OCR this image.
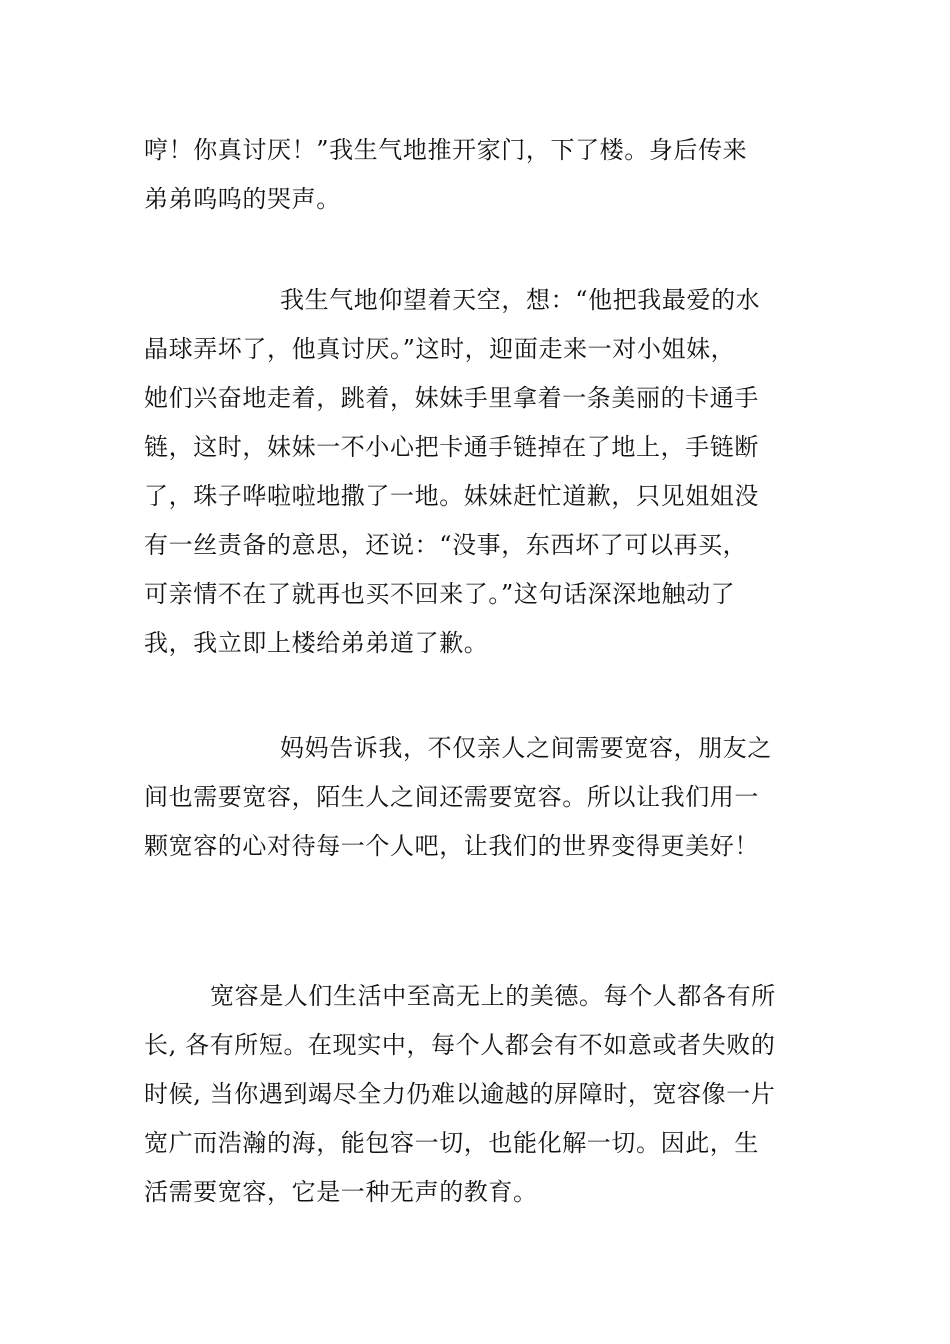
哼！你真讨厌！”我生气地推开家门，下了楼。身后传来
弟弟呜呜的哭声。
我生气地仰望着天空，想：“他把我最爱的水
晶球弄坏了，他真讨厌。”这时，迎面走来一对小姐妹，
她们兴奋地走着，跳着，妹妹手里拿着一条美丽的卡通手
链，这时，妹妹一不小心把卡通手链掉在了地上，手链断
了，珠子哗啦啦地撒了一地。妹妹赶忙道歉，只见姐姐没
有一丝责备的意思，还说：“没事，东西坏了可以再买，
可亲情不在了就再也买不回来了。”这句话深深地触动了
我，我立即上楼给弟弟道了歉。
妈妈告诉我，不仅亲人之间需要宽容，朋友之
间也需要宽容，陌生人之间还需要宽容。所以让我们用一
颗宽容的心对待每一个人吧，让我们的世界变得更美好！
宽容是人们生活中至高无上的美德。每个人都各有所
长, 各有所短。在现实中，每个人都会有不如意或者失败的
时候, 当你遇到竭尽全力仍难以逾越的屏障时，宽容像一片
宽广而浩瀚的海，能包容一切，也能化解一切。因此，生
活需要宽容，它是一种无声的教育。
